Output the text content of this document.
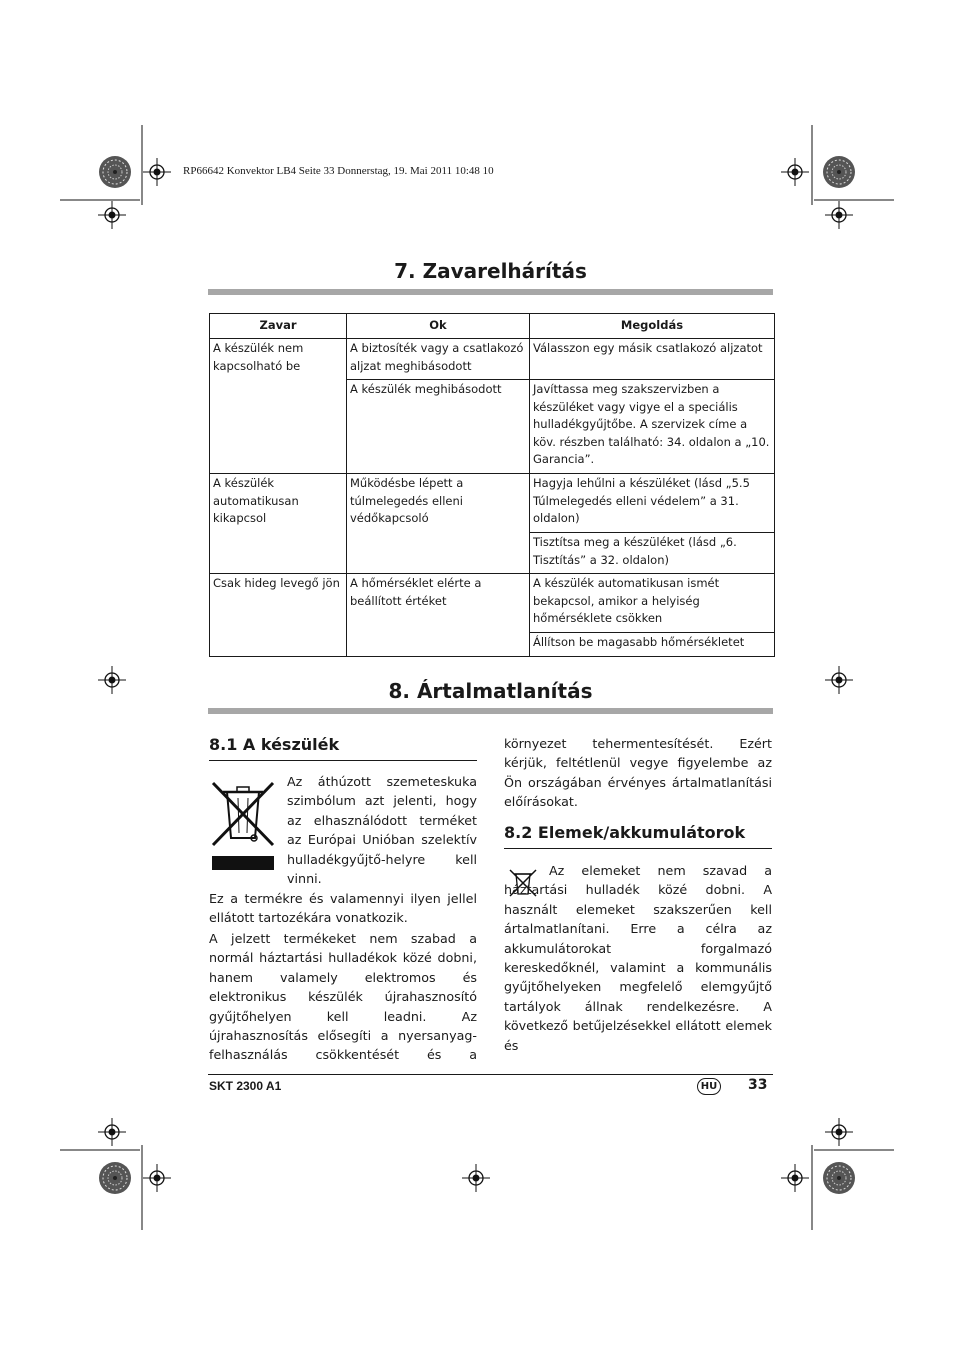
RP66642 Konvektor LB4 Seite 33 Donnerstag, 19. Mai 2011 10:48 10
7. Zavarelhárítás
Zavar	Ok	Megoldás
A készülék nem kapcsolható be	A biztosíték vagy a csatlakozó aljzat meghibásodott	Válasszon egy másik csatlakozó aljzatot
	A készülék meghibásodott	Javíttassa meg szakszervizben a készüléket vagy vigye el a speciális hulladékgyűjtőbe. A szervizek címe a köv. részben található: 34. oldalon a „10. Garancia”.
A készülék automatikusan kikapcsol	Működésbe lépett a túlmelegedés elleni védőkapcsoló	Hagyja lehűlni a készüléket (lásd „5.5 Túlmelegedés elleni védelem” a 31. oldalon)
		Tisztítsa meg a készüléket (lásd „6. Tisztítás” a 32. oldalon)
Csak hideg levegő jön	A hőmérséklet elérte a beállított értéket	A készülék automatikusan ismét bekapcsol, amikor a helyiség hőmérséklete csökken
		Állítson be magasabb hőmérsékletet
8. Ártalmatlanítás
8.1 A készülék
Az áthúzott szemeteskuka szimbólum azt jelenti, hogy az elhasználódott terméket az Európai Unióban szelektív hulladékgyűjtő-helyre kell vinni.
Ez a termékre és valamennyi ilyen jellel ellátott tartozékára vonatkozik.
A jelzett termékeket nem szabad a normál háztartási hulladékok közé dobni, hanem valamely elektromos és elektronikus készülék újrahasznosító gyűjtőhelyen kell leadni. Az újrahasznosítás elősegíti a nyersanyag-felhasználás csökkentését és a
környezet tehermentesítését. Ezért kérjük, feltétlenül vegye figyelembe az Ön országában érvényes ártalmatlanítási előírásokat.
8.2 Elemek/akkumulátorok
Az elemeket nem szavad a háztartási hulladék közé dobni. A használt elemeket szakszerűen kell ártalmatlanítani. Erre a célra az akkumulátorokat forgalmazó kereskedőknél, valamint a kommunális gyűjtőhelyeken megfelelő elemgyűjtő tartályok állnak rendelkezésre. A következő betűjelzésekkel ellátott elemek és
SKT 2300 A1	HU 33
